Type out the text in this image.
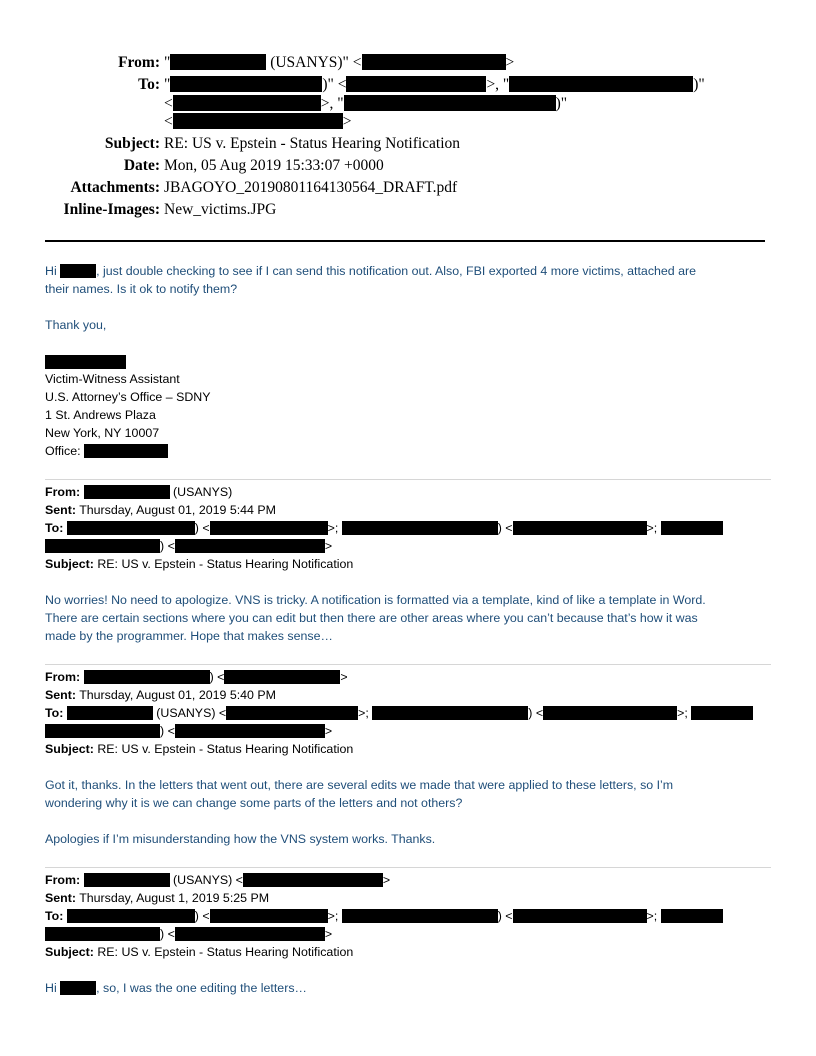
From: "	(USANYS)" <	>
To: "	)" <	>, "	)"
<	>, "	)"
<	>
Subject: RE: US v. Epstein - Status Hearing Notification
Date: Mon, 05 Aug 2019 15:33:07 +0000
Attachments: JBAGOYO_20190801164130564_DRAFT.pdf
Inline-Images: New_victims.JPG
Hi	, just double checking to see if I can send this notification out. Also, FBI exported 4 more victims, attached are
their names. Is it ok to notify them?
Thank you,
Victim-Witness Assistant
U.S. Attorney’s Office – SDNY
1 St. Andrews Plaza
New York, NY 10007
Office:
From:	(USANYS)
Sent: Thursday, August 01, 2019 5:44 PM
To:	) <	>;	) <	>;
) <	>
Subject: RE: US v. Epstein - Status Hearing Notification
No worries! No need to apologize. VNS is tricky. A notification is formatted via a template, kind of like a template in Word.
There are certain sections where you can edit but then there are other areas where you can’t because that’s how it was
made by the programmer. Hope that makes sense…
From:	) <	>
Sent: Thursday, August 01, 2019 5:40 PM
To:	(USANYS) <	>;	) <	>;
) <	>
Subject: RE: US v. Epstein - Status Hearing Notification
Got it, thanks. In the letters that went out, there are several edits we made that were applied to these letters, so I’m
wondering why it is we can change some parts of the letters and not others?
Apologies if I’m misunderstanding how the VNS system works. Thanks.
From:	(USANYS) <	>
Sent: Thursday, August 1, 2019 5:25 PM
To:	) <	>;	) <	>;
) <	>
Subject: RE: US v. Epstein - Status Hearing Notification
Hi	, so, I was the one editing the letters…
